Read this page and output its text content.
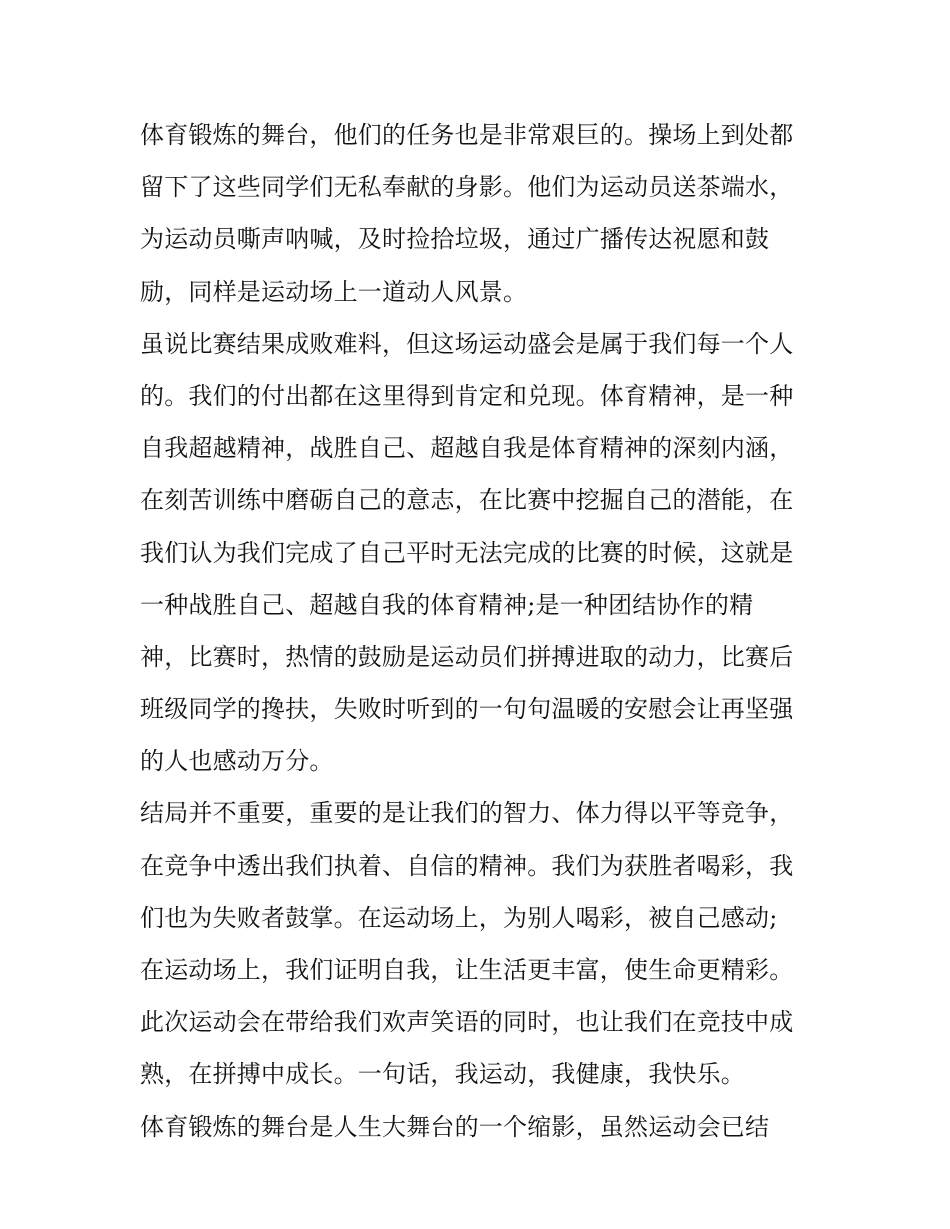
体育锻炼的舞台，他们的任务也是非常艰巨的。操场上到处都
留下了这些同学们无私奉献的身影。他们为运动员送茶端水，
为运动员嘶声呐喊，及时捡拾垃圾，通过广播传达祝愿和鼓
励，同样是运动场上一道动人风景。
虽说比赛结果成败难料，但这场运动盛会是属于我们每一个人
的。我们的付出都在这里得到肯定和兑现。体育精神，是一种
自我超越精神，战胜自己、超越自我是体育精神的深刻内涵，
在刻苦训练中磨砺自己的意志，在比赛中挖掘自己的潜能，在
我们认为我们完成了自己平时无法完成的比赛的时候，这就是
一种战胜自己、超越自我的体育精神;是一种团结协作的精
神，比赛时，热情的鼓励是运动员们拼搏进取的动力，比赛后
班级同学的搀扶，失败时听到的一句句温暖的安慰会让再坚强
的人也感动万分。
结局并不重要，重要的是让我们的智力、体力得以平等竞争，
在竞争中透出我们执着、自信的精神。我们为获胜者喝彩，我
们也为失败者鼓掌。在运动场上，为别人喝彩，被自己感动;
在运动场上，我们证明自我，让生活更丰富，使生命更精彩。
此次运动会在带给我们欢声笑语的同时，也让我们在竞技中成
熟，在拼搏中成长。一句话，我运动，我健康，我快乐。
体育锻炼的舞台是人生大舞台的一个缩影，虽然运动会已结
